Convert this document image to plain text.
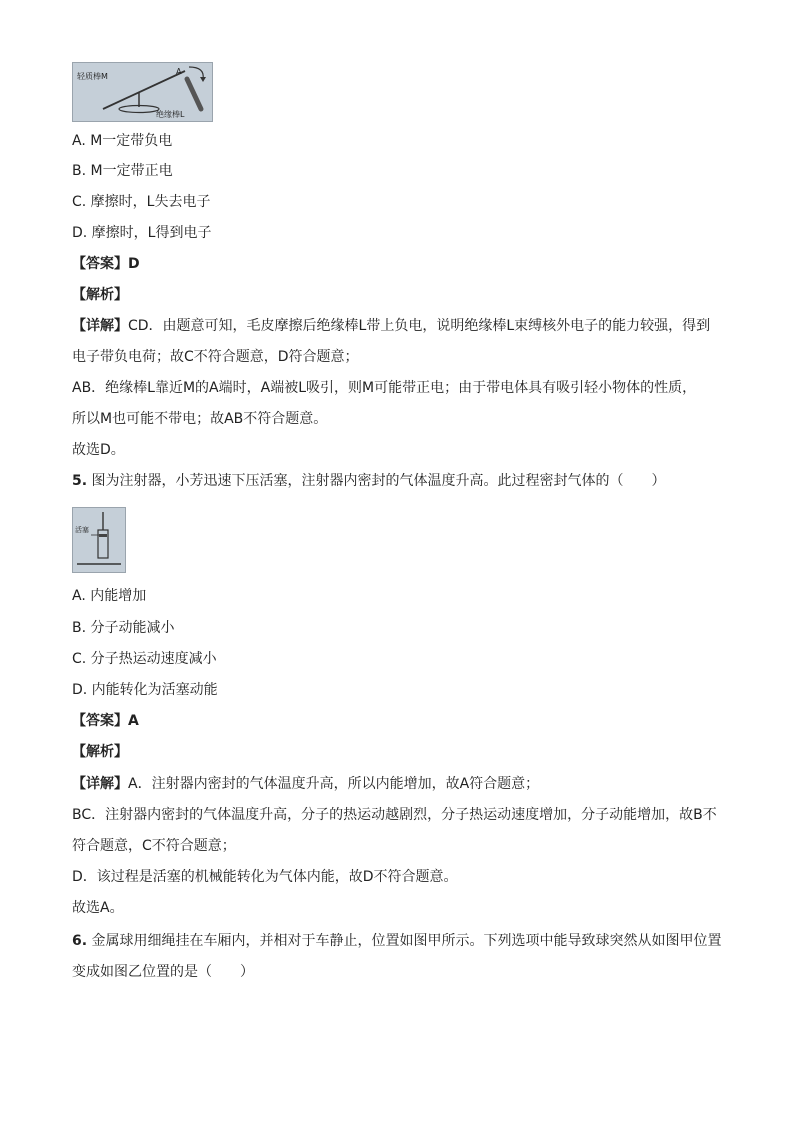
轻质棒M
A
绝缘棒L
A. M一定带负电
B. M一定带正电
C. 摩擦时，L失去电子
D. 摩擦时，L得到电子
【答案】D
【解析】
【详解】CD．由题意可知，毛皮摩擦后绝缘棒L带上负电，说明绝缘棒L束缚核外电子的能力较强，得到
电子带负电荷；故C不符合题意，D符合题意；
AB．绝缘棒L靠近M的A端时，A端被L吸引，则M可能带正电；由于带电体具有吸引轻小物体的性质，
所以M也可能不带电；故AB不符合题意。
故选D。
5. 图为注射器，小芳迅速下压活塞，注射器内密封的气体温度升高。此过程密封气体的（　　）
活塞
A. 内能增加
B. 分子动能减小
C. 分子热运动速度减小
D. 内能转化为活塞动能
【答案】A
【解析】
【详解】A．注射器内密封的气体温度升高，所以内能增加，故A符合题意；
BC．注射器内密封的气体温度升高，分子的热运动越剧烈，分子热运动速度增加，分子动能增加，故B不
符合题意，C不符合题意；
D．该过程是活塞的机械能转化为气体内能，故D不符合题意。
故选A。
6. 金属球用细绳挂在车厢内，并相对于车静止，位置如图甲所示。下列选项中能导致球突然从如图甲位置
变成如图乙位置的是（　　）
